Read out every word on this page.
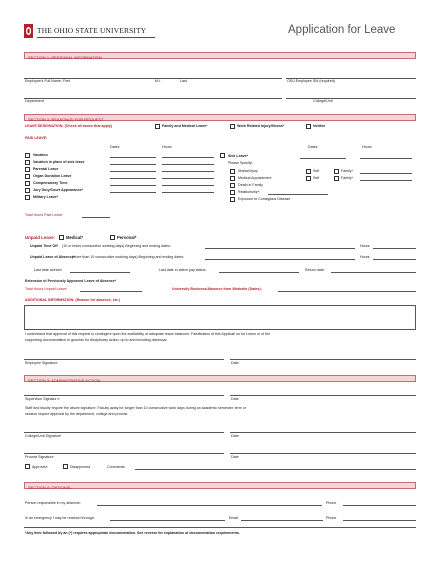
THE OHIO STATE UNIVERSITY	Application for Leave
SECTION 1: PERSONAL INFORMATION
Employee's Full Name: First	M.I.	Last	OSU Employee ID# (required)
Department	College/Unit
SECTION 2: REASON(S) FOR REQUEST
LEAVE DESIGNATION: (Check all boxes that apply)	Family and Medical Leave*	Work Related Injury/Illness*	Neither
PAID LEAVE:
Dates	Hours	Dates	Hours
Vacation
Vacation in place of sick leave
Parental Leave
Organ Donation Leave
Compensatory Time
Jury Duty/Court Appearance*
Military Leave*
Illness/Injury	Self	Family*
Medical Appointment	Self	Family*
Death in Family
Relationship*:
Exposure to Contagious Disease
Sick Leave*
Please Specify:
Total Hours Paid Leave:
Unpaid Leave:	Medical*	Personal*
Unpaid Time Off (10 or fewer consecutive working days) Beginning and ending dates:	Hours
Unpaid Leave of Absence*
(more than 10 consecutive working days) Beginning and ending dates:	Hours
Last date worked:	Last date in active pay status:	Return date:
Extension of Previously Approved Leave of Absence*
Total Hours Unpaid Leave:	University Business/Absence from Worksite (Dates):
ADDITIONAL INFORMATION: (Reason for absence, etc.)
I understand that approval of this request is contingent upon the availability of adequate leave balances. Falsification of this Applicati on for Leave or of the
supporting documentation is grounds for disciplinary action, up to and including dismissal.
Employee Signature	Date
SECTION 3: ADMINISTRATIVE ACTION
Supervisor Signatur e	Date
Staff and faculty require the above signature. Faculty away for longer than 10 consecutive work days during an academic semester, term or
session require approval by the department, college and provost.
College/Unit Signature	Date
Provost Signature	Date
Approved	Disapproved	Comments:
SECTION 4: OPTIONAL
Person responsible in my absence:	Phone
In an emergency I may be reached through:	Email	Phone
*Any item followed by an (*) requires appropriate documentation. See reverse for explanation of documentation requirements.
